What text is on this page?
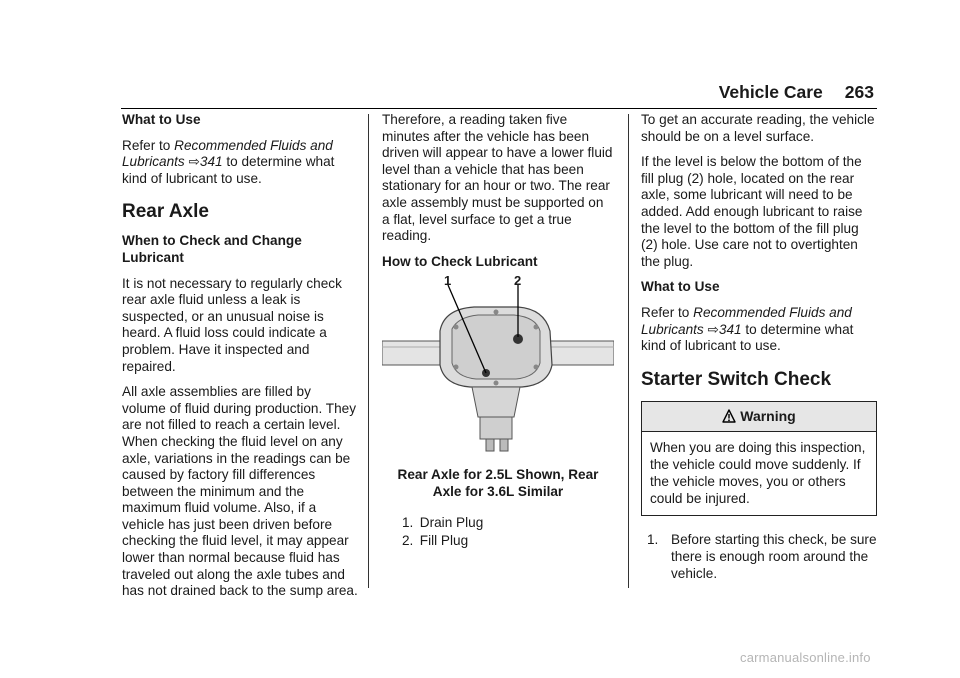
Vehicle Care 263

What to Use

Refer to Recommended Fluids and Lubricants ⇨341 to determine what kind of lubricant to use.

Rear Axle

When to Check and Change Lubricant

It is not necessary to regularly check rear axle fluid unless a leak is suspected, or an unusual noise is heard. A fluid loss could indicate a problem. Have it inspected and repaired.

All axle assemblies are filled by volume of fluid during production. They are not filled to reach a certain level. When checking the fluid level on any axle, variations in the readings can be caused by factory fill differences between the minimum and the maximum fluid volume. Also, if a vehicle has just been driven before checking the fluid level, it may appear lower than normal because fluid has traveled out along the axle tubes and has not drained back to the sump area.

Therefore, a reading taken five minutes after the vehicle has been driven will appear to have a lower fluid level than a vehicle that has been stationary for an hour or two. The rear axle assembly must be supported on a flat, level surface to get a true reading.

How to Check Lubricant

1	2

Rear Axle for 2.5L Shown, Rear Axle for 3.6L Similar

1. Drain Plug
2. Fill Plug

To get an accurate reading, the vehicle should be on a level surface.

If the level is below the bottom of the fill plug (2) hole, located on the rear axle, some lubricant will need to be added. Add enough lubricant to raise the level to the bottom of the fill plug (2) hole. Use care not to overtighten the plug.

What to Use

Refer to Recommended Fluids and Lubricants ⇨341 to determine what kind of lubricant to use.

Starter Switch Check
Warning
When you are doing this inspection, the vehicle could move suddenly. If the vehicle moves, you or others could be injured.
1. Before starting this check, be sure there is enough room around the vehicle.
carmanualsonline.info
